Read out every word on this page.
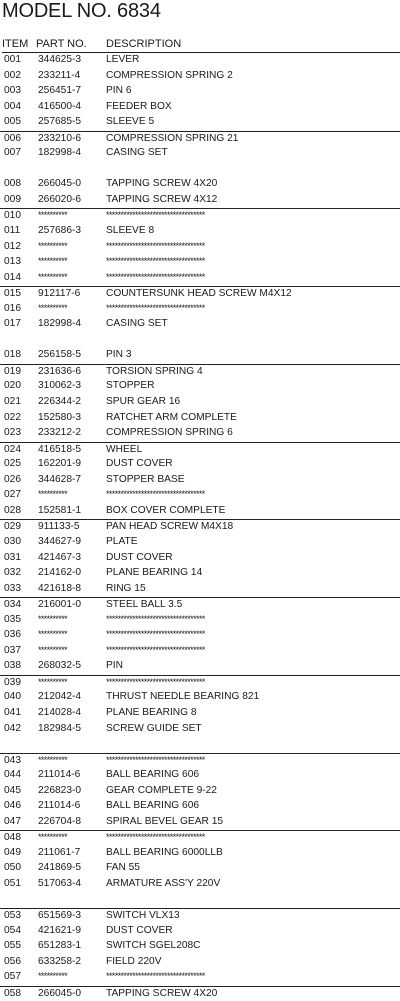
MODEL NO. 6834
ITEM PART NO. DESCRIPTION
001 344625-3 LEVER
002 233211-4	COMPRESSION SPRING 2
003 256451-7 PIN 6
004 416500-4 FEEDER BOX
005 257685-5 SLEEVE 5
006 233210-6 COMPRESSION SPRING 21
007 182998-4 CASING SET
008 266045-0 TAPPING SCREW 4X20
009 266020-6 TAPPING SCREW 4X12
010 **********	**********************************
011 257686-3 SLEEVE 8
012 **********	**********************************
013 **********	**********************************
014 **********	**********************************
015 912117-6	COUNTERSUNK HEAD SCREW M4X12
016 **********	**********************************
017 182998-4 CASING SET
018 256158-5 PIN 3
019 231636-6 TORSION SPRING 4
020 310062-3 STOPPER
021 226344-2 SPUR GEAR 16
022 152580-3 RATCHET ARM COMPLETE
023 233212-2 COMPRESSION SPRING 6
024 416518-5 WHEEL
025 162201-9 DUST COVER
026 344628-7 STOPPER BASE
027 **********	**********************************
028 152581-1 BOX COVER COMPLETE
029 911133-5	PAN HEAD SCREW M4X18
030 344627-9 PLATE
031 421467-3 DUST COVER
032 214162-0 PLANE BEARING 14
033 421618-8 RING 15
034 216001-0 STEEL BALL 3.5
035 **********	**********************************
036 **********	**********************************
037 **********	**********************************
038 268032-5 PIN
039 **********	**********************************
040 212042-4 THRUST NEEDLE BEARING 821
041 214028-4 PLANE BEARING 8
042 182984-5 SCREW GUIDE SET
043 **********	**********************************
044 211014-6	BALL BEARING 606
045 226823-0 GEAR COMPLETE 9-22
046 211014-6	BALL BEARING 606
047 226704-8 SPIRAL BEVEL GEAR 15
048 **********	**********************************
049 211061-7	BALL BEARING 6000LLB
050 241869-5 FAN 55
051 517063-4 ARMATURE ASS'Y 220V
053 651569-3 SWITCH VLX13
054 421621-9 DUST COVER
055 651283-1 SWITCH SGEL208C
056 633258-2 FIELD 220V
057 **********	**********************************
058 266045-0 TAPPING SCREW 4X20
